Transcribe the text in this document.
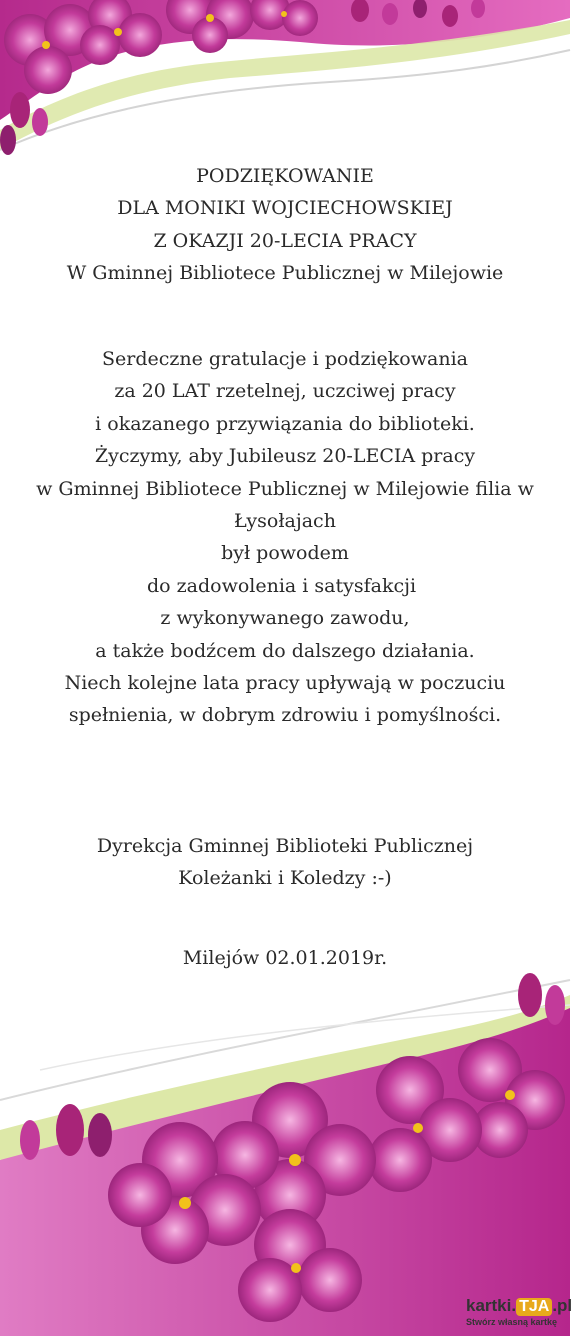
PODZIĘKOWANIE
DLA MONIKI WOJCIECHOWSKIEJ
Z OKAZJI 20-LECIA PRACY
W Gminnej Bibliotece Publicznej w Milejowie
Serdeczne gratulacje i podziękowania
za 20 LAT rzetelnej, uczciwej pracy
i okazanego przywiązania do biblioteki.
Życzymy, aby Jubileusz 20-LECIA pracy
w Gminnej Bibliotece Publicznej w Milejowie filia w
Łysołajach
był powodem
do zadowolenia i satysfakcji
z wykonywanego zawodu,
a także bodźcem do dalszego działania.
Niech kolejne lata pracy upływają w poczuciu
spełnienia, w dobrym zdrowiu i pomyślności.
Dyrekcja Gminnej Biblioteki Publicznej
Koleżanki i Koledzy :-)
Milejów 02.01.2019r.
kartki. TJA .pl
Stwórz własną kartkę
